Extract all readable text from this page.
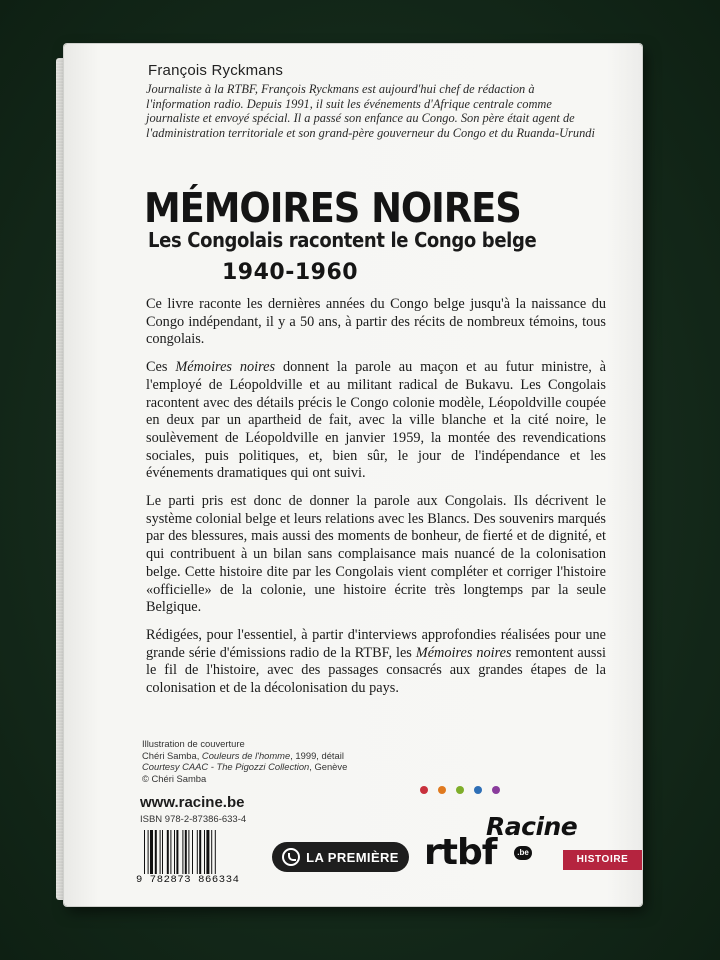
François Ryckmans
Journaliste à la RTBF, François Ryckmans est aujourd'hui chef de rédaction à l'information radio. Depuis 1991, il suit les événements d'Afrique centrale comme journaliste et envoyé spécial. Il a passé son enfance au Congo. Son père était agent de l'administration territoriale et son grand-père gouverneur du Congo et du Ruanda-Urundi
MÉMOIRES NOIRES
Les Congolais racontent le Congo belge
1940-1960

Ce livre raconte les dernières années du Congo belge jusqu'à la naissance du Congo indépendant, il y a 50 ans, à partir des récits de nombreux témoins, tous congolais.

Ces Mémoires noires donnent la parole au maçon et au futur ministre, à l'employé de Léopoldville et au militant radical de Bukavu. Les Congolais racontent avec des détails précis le Congo colonie modèle, Léopoldville coupée en deux par un apartheid de fait, avec la ville blanche et la cité noire, le soulèvement de Léopoldville en janvier 1959, la montée des revendications sociales, puis politiques, et, bien sûr, le jour de l'indépendance et les événements dramatiques qui ont suivi.

Le parti pris est donc de donner la parole aux Congolais. Ils décrivent le système colonial belge et leurs relations avec les Blancs. Des souvenirs marqués par des blessures, mais aussi des moments de bonheur, de fierté et de dignité, et qui contribuent à un bilan sans complaisance mais nuancé de la colonisation belge. Cette histoire dite par les Congolais vient compléter et corriger l'histoire «officielle» de la colonie, une histoire écrite très longtemps par la seule Belgique.

Rédigées, pour l'essentiel, à partir d'interviews approfondies réalisées pour une grande série d'émissions radio de la RTBF, les Mémoires noires remontent aussi le fil de l'histoire, avec des passages consacrés aux grandes étapes de la colonisation et de la décolonisation du pays.

Illustration de couverture
Chéri Samba, Couleurs de l'homme, 1999, détail
Courtesy CAAC - The Pigozzi Collection, Genève
© Chéri Samba
www.racine.be
ISBN 978-2-87386-633-4
9 782873 866334
LA PREMIÈRE
Racine
rtbf	.be
HISTOIRE
